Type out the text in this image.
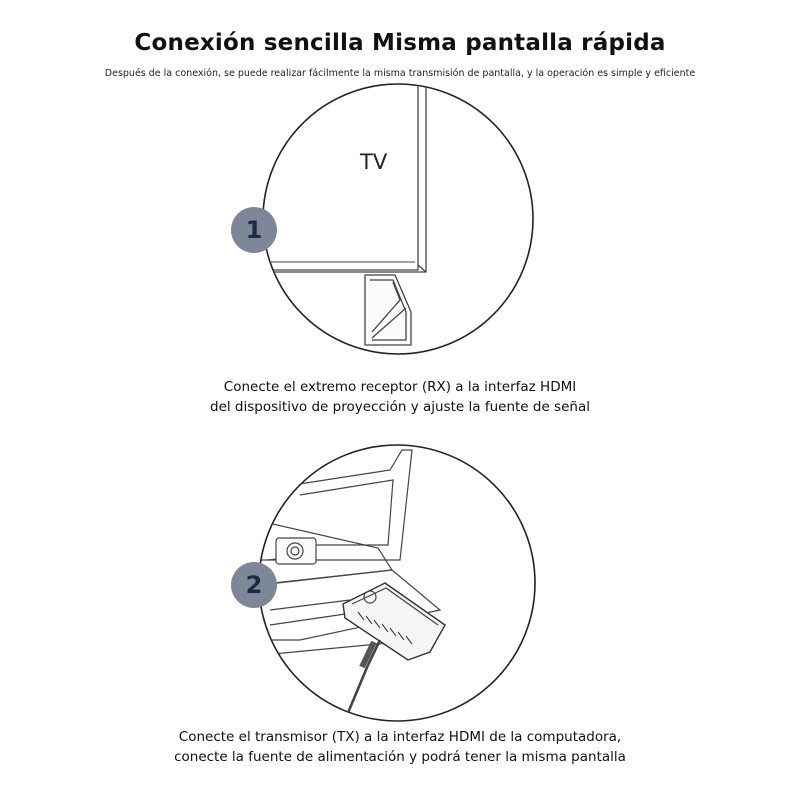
Conexión sencilla Misma pantalla rápida
Después de la conexión, se puede realizar fácilmente la misma transmisión de pantalla, y la operación es simple y eficiente
TV
1
2
Conecte el extremo receptor (RX) a la interfaz HDMI
del dispositivo de proyección y ajuste la fuente de señal
Conecte el transmisor (TX) a la interfaz HDMI de la computadora,
conecte la fuente de alimentación y podrá tener la misma pantalla
